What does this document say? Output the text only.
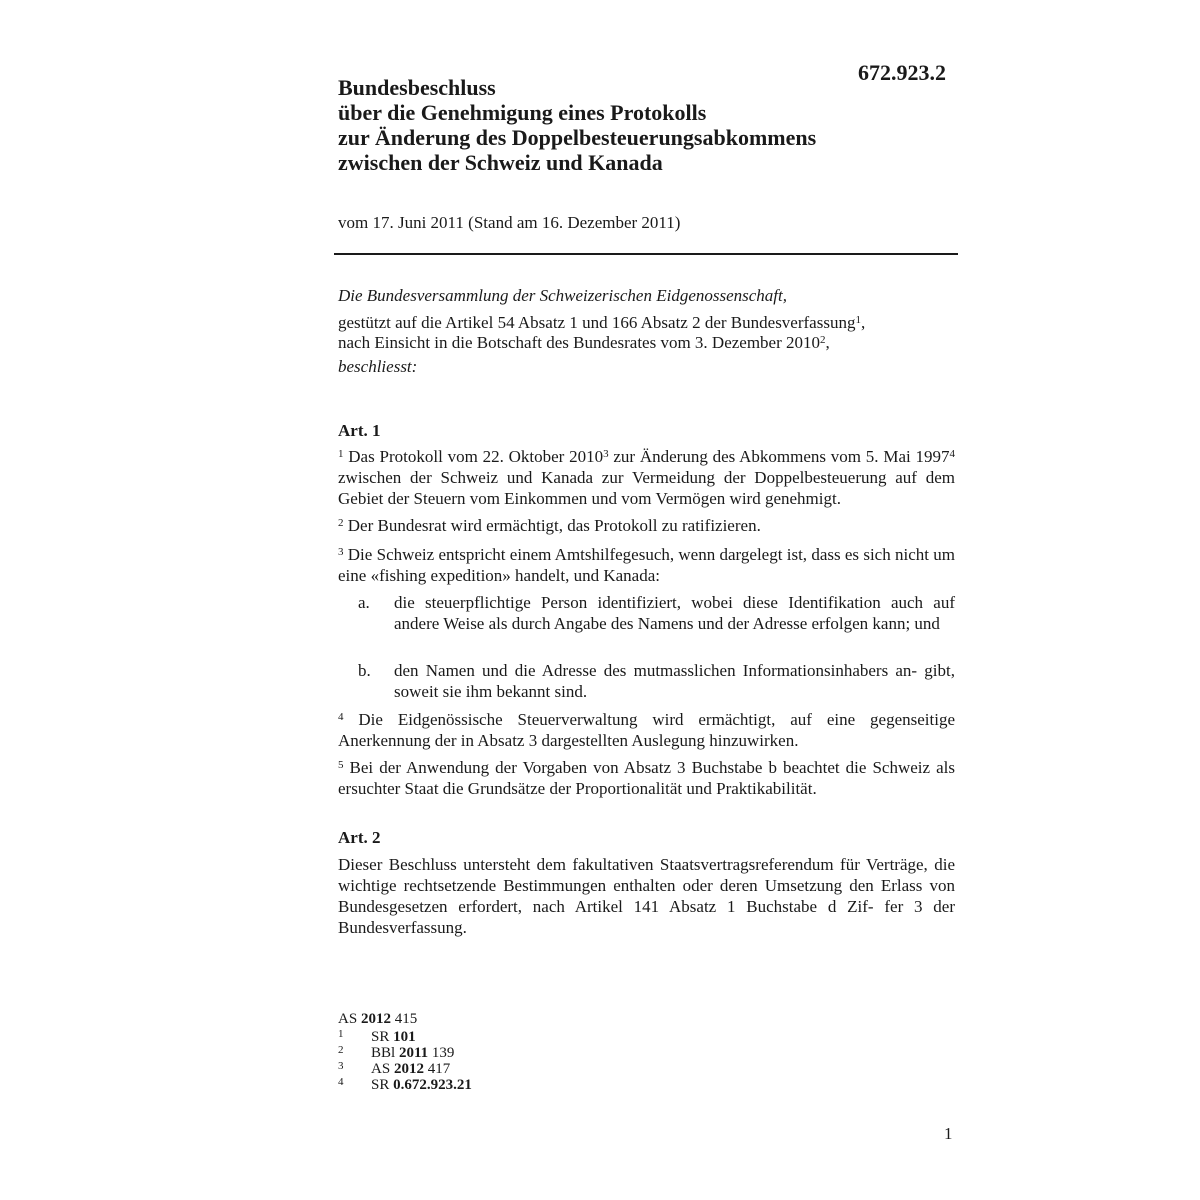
672.923.2
Bundesbeschluss
über die Genehmigung eines Protokolls
zur Änderung des Doppelbesteuerungsabkommens
zwischen der Schweiz und Kanada
vom 17. Juni 2011 (Stand am 16. Dezember 2011)
Die Bundesversammlung der Schweizerischen Eidgenossenschaft,
gestützt auf die Artikel 54 Absatz 1 und 166 Absatz 2 der Bundesverfassung$^1$,
nach Einsicht in die Botschaft des Bundesrates vom 3. Dezember 2010$^2$,
beschliesst:
Art. 1
$^1$ Das Protokoll vom 22. Oktober 2010$^3$ zur Änderung des Abkommens vom 5. Mai 1997$^4$ zwischen der Schweiz und Kanada zur Vermeidung der Doppelbesteuerung auf dem Gebiet der Steuern vom Einkommen und vom Vermögen wird genehmigt.
$^2$ Der Bundesrat wird ermächtigt, das Protokoll zu ratifizieren.
$^3$ Die Schweiz entspricht einem Amtshilfegesuch, wenn dargelegt ist, dass es sich nicht um eine «fishing expedition» handelt, und Kanada:
a. die steuerpflichtige Person identifiziert, wobei diese Identifikation auch auf andere Weise als durch Angabe des Namens und der Adresse erfolgen kann; und
b. den Namen und die Adresse des mutmasslichen Informationsinhabers an- gibt, soweit sie ihm bekannt sind.
$^4$ Die Eidgenössische Steuerverwaltung wird ermächtigt, auf eine gegenseitige Anerkennung der in Absatz 3 dargestellten Auslegung hinzuwirken.
$^5$ Bei der Anwendung der Vorgaben von Absatz 3 Buchstabe b beachtet die Schweiz als ersuchter Staat die Grundsätze der Proportionalität und Praktikabilität.
Art. 2
Dieser Beschluss untersteht dem fakultativen Staatsvertragsreferendum für Verträge, die wichtige rechtsetzende Bestimmungen enthalten oder deren Umsetzung den Erlass von Bundesgesetzen erfordert, nach Artikel 141 Absatz 1 Buchstabe d Zif- fer 3 der Bundesverfassung.
AS 2012 415
1 SR 101
2 BBl 2011 139
3 AS 2012 417
4 SR 0.672.923.21
1
